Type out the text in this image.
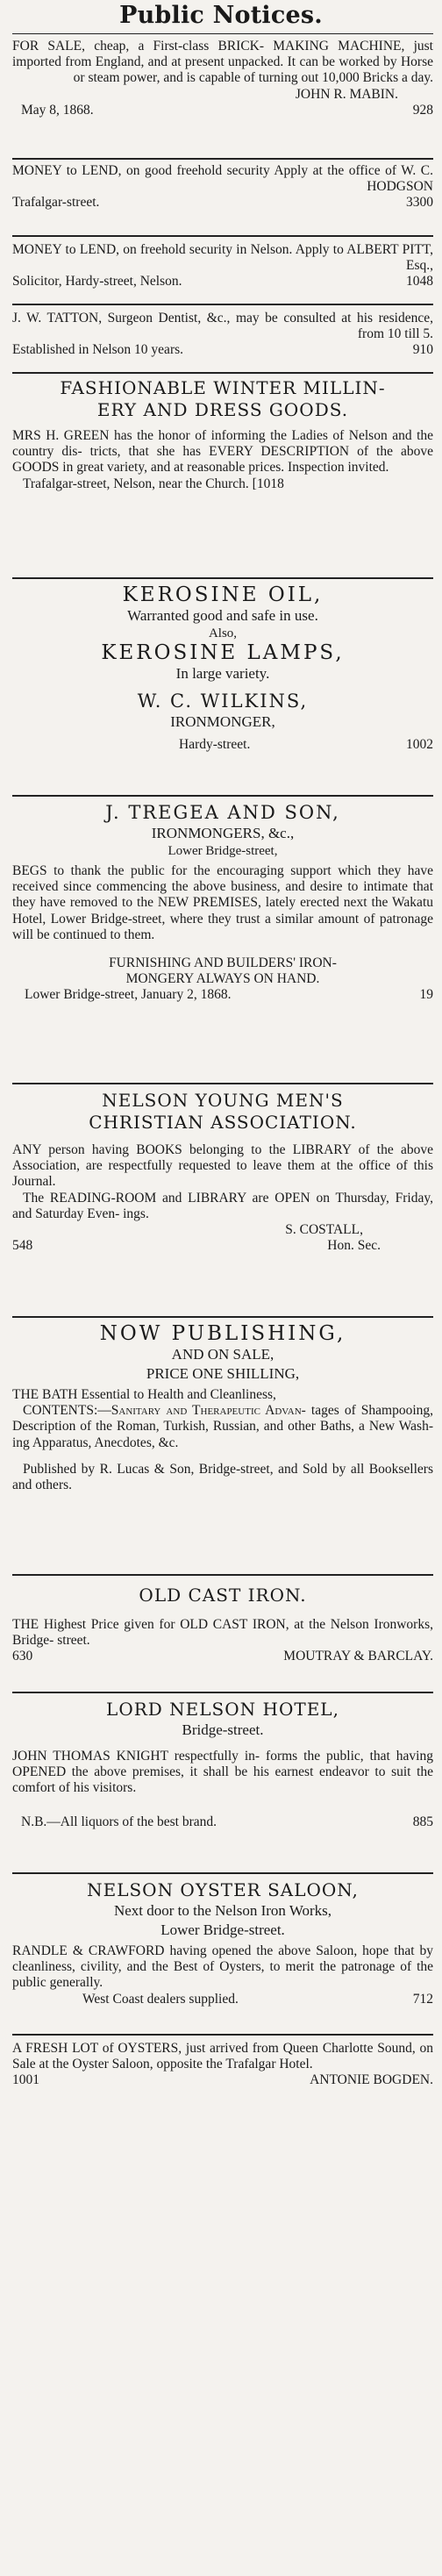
Public Notices.
FOR SALE, cheap, a First-class BRICK- MAKING MACHINE, just imported from England, and at present unpacked. It can be worked by Horse or steam power, and is capable of turning out 10,000 Bricks a day.
JOHN R. MABIN.
May 8, 1868.	928
MONEY to LEND, on good freehold security Apply at the office of W. C. HODGSON
Trafalgar-street.	3300
MONEY to LEND, on freehold security in Nelson. Apply to ALBERT PITT, Esq.,
Solicitor, Hardy-street, Nelson.	1048
J. W. TATTON, Surgeon Dentist, &c., may be consulted at his residence, from 10 till 5.
Established in Nelson 10 years.	910
FASHIONABLE WINTER MILLIN-
ERY AND DRESS GOODS.
MRS H. GREEN has the honor of informing the Ladies of Nelson and the country dis- tricts, that she has EVERY DESCRIPTION of the above GOODS in great variety, and at reasonable prices. Inspection invited.
Trafalgar-street, Nelson, near the Church. [1018
KEROSINE OIL,
Warranted good and safe in use.
Also,
KEROSINE LAMPS,
In large variety.
W. C. WILKINS,
IRONMONGER,
Hardy-street.	1002
J. TREGEA AND SON,
IRONMONGERS, &c.,
Lower Bridge-street,
BEGS to thank the public for the encouraging support which they have received since commencing the above business, and desire to intimate that they have removed to the NEW PREMISES, lately erected next the Wakatu Hotel, Lower Bridge-street, where they trust a similar amount of patronage will be continued to them.
FURNISHING AND BUILDERS' IRON-
MONGERY ALWAYS ON HAND.
Lower Bridge-street, January 2, 1868.	19
NELSON YOUNG MEN'S
CHRISTIAN ASSOCIATION.
ANY person having BOOKS belonging to the LIBRARY of the above Association, are respectfully requested to leave them at the office of this Journal.
The READING-ROOM and LIBRARY are OPEN on Thursday, Friday, and Saturday Even- ings.
S. COSTALL,
548	Hon. Sec.
NOW PUBLISHING,
AND ON SALE,
PRICE ONE SHILLING,
THE BATH Essential to Health and Cleanliness,
CONTENTS:—Sanitary and Therapeutic Advan- tages of Shampooing, Description of the Roman, Turkish, Russian, and other Baths, a New Wash- ing Apparatus, Anecdotes, &c.
Published by R. Lucas & Son, Bridge-street, and Sold by all Booksellers and others.
OLD CAST IRON.
THE Highest Price given for OLD CAST IRON, at the Nelson Ironworks, Bridge- street.
630	MOUTRAY & BARCLAY.
LORD NELSON HOTEL,
Bridge-street.
JOHN THOMAS KNIGHT respectfully in- forms the public, that having OPENED the above premises, it shall be his earnest endeavor to suit the comfort of his visitors.
N.B.—All liquors of the best brand.	885
NELSON OYSTER SALOON,
Next door to the Nelson Iron Works,
Lower Bridge-street.
RANDLE & CRAWFORD having opened the above Saloon, hope that by cleanliness, civility, and the Best of Oysters, to merit the patronage of the public generally.
West Coast dealers supplied.	712
A FRESH LOT of OYSTERS, just arrived from Queen Charlotte Sound, on Sale at the Oyster Saloon, opposite the Trafalgar Hotel.
1001	ANTONIE BOGDEN.
